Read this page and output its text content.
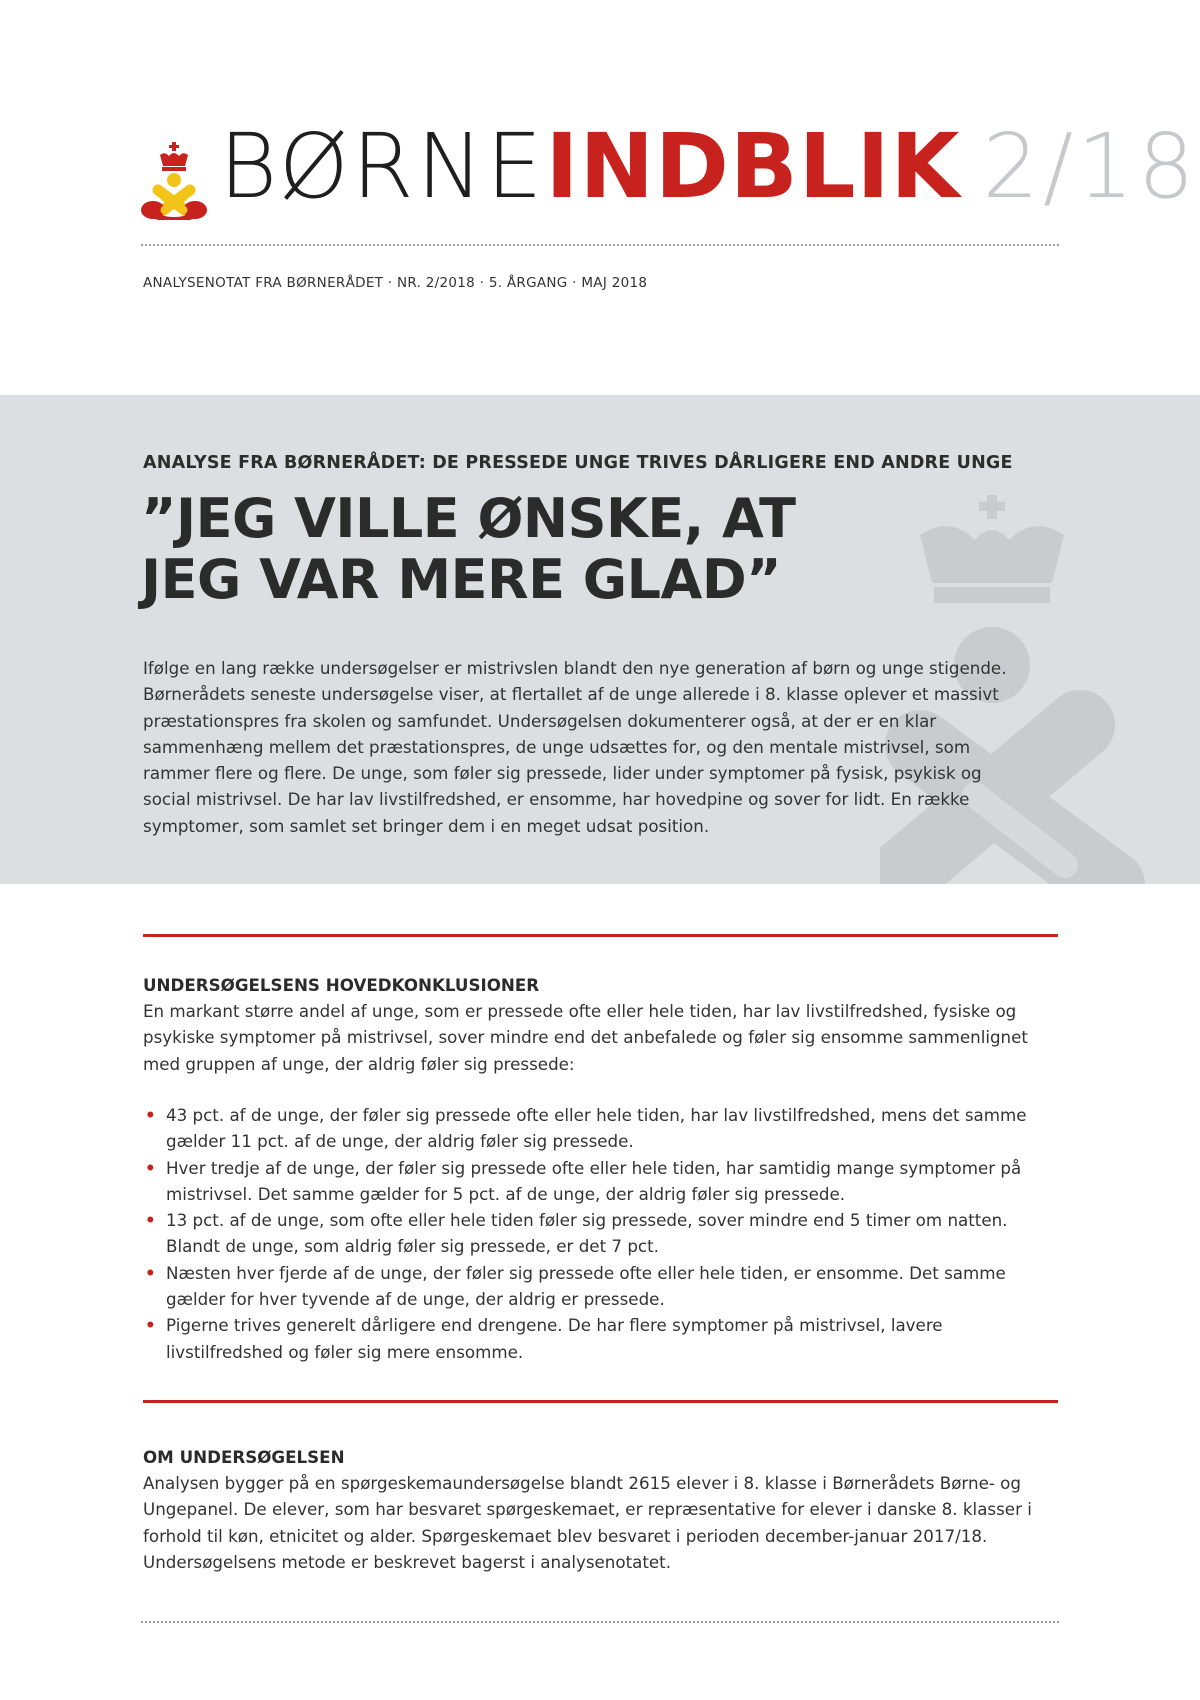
BØRNEINDBLIK 2/18
ANALYSENOTAT FRA BØRNERÅDET · NR. 2/2018 · 5. ÅRGANG · MAJ 2018
ANALYSE FRA BØRNERÅDET: DE PRESSEDE UNGE TRIVES DÅRLIGERE END ANDRE UNGE
”JEG VILLE ØNSKE, AT JEG VAR MERE GLAD”

Ifølge en lang række undersøgelser er mistrivslen blandt den nye generation af børn og unge stigende. Børnerådets seneste undersøgelse viser, at flertallet af de unge allerede i 8. klasse oplever et massivt præstationspres fra skolen og samfundet. Undersøgelsen dokumenterer også, at der er en klar sammenhæng mellem det præstationspres, de unge udsættes for, og den mentale mistrivsel, som rammer flere og flere. De unge, som føler sig pressede, lider under symptomer på fysisk, psykisk og social mistrivsel. De har lav livstilfredshed, er ensomme, har hovedpine og sover for lidt. En række symptomer, som samlet set bringer dem i en meget udsat position.

UNDERSØGELSENS HOVEDKONKLUSIONER

En markant større andel af unge, som er pressede ofte eller hele tiden, har lav livstilfredshed, fysiske og psykiske symptomer på mistrivsel, sover mindre end det anbefalede og føler sig ensomme sammenlignet med gruppen af unge, der aldrig føler sig pressede:

• 43 pct. af de unge, der føler sig pressede ofte eller hele tiden, har lav livstilfredshed, mens det samme gælder 11 pct. af de unge, der aldrig føler sig pressede.
• Hver tredje af de unge, der føler sig pressede ofte eller hele tiden, har samtidig mange symptomer på mistrivsel. Det samme gælder for 5 pct. af de unge, der aldrig føler sig pressede.
• 13 pct. af de unge, som ofte eller hele tiden føler sig pressede, sover mindre end 5 timer om natten. Blandt de unge, som aldrig føler sig pressede, er det 7 pct.
• Næsten hver fjerde af de unge, der føler sig pressede ofte eller hele tiden, er ensomme. Det samme gælder for hver tyvende af de unge, der aldrig er pressede.
• Pigerne trives generelt dårligere end drengene. De har flere symptomer på mistrivsel, lavere livstilfredshed og føler sig mere ensomme.
OM UNDERSØGELSEN

Analysen bygger på en spørgeskemaundersøgelse blandt 2615 elever i 8. klasse i Børnerådets Børne- og Ungepanel. De elever, som har besvaret spørgeskemaet, er repræsentative for elever i danske 8. klasser i forhold til køn, etnicitet og alder. Spørgeskemaet blev besvaret i perioden december-januar 2017/18. Undersøgelsens metode er beskrevet bagerst i analysenotatet.
